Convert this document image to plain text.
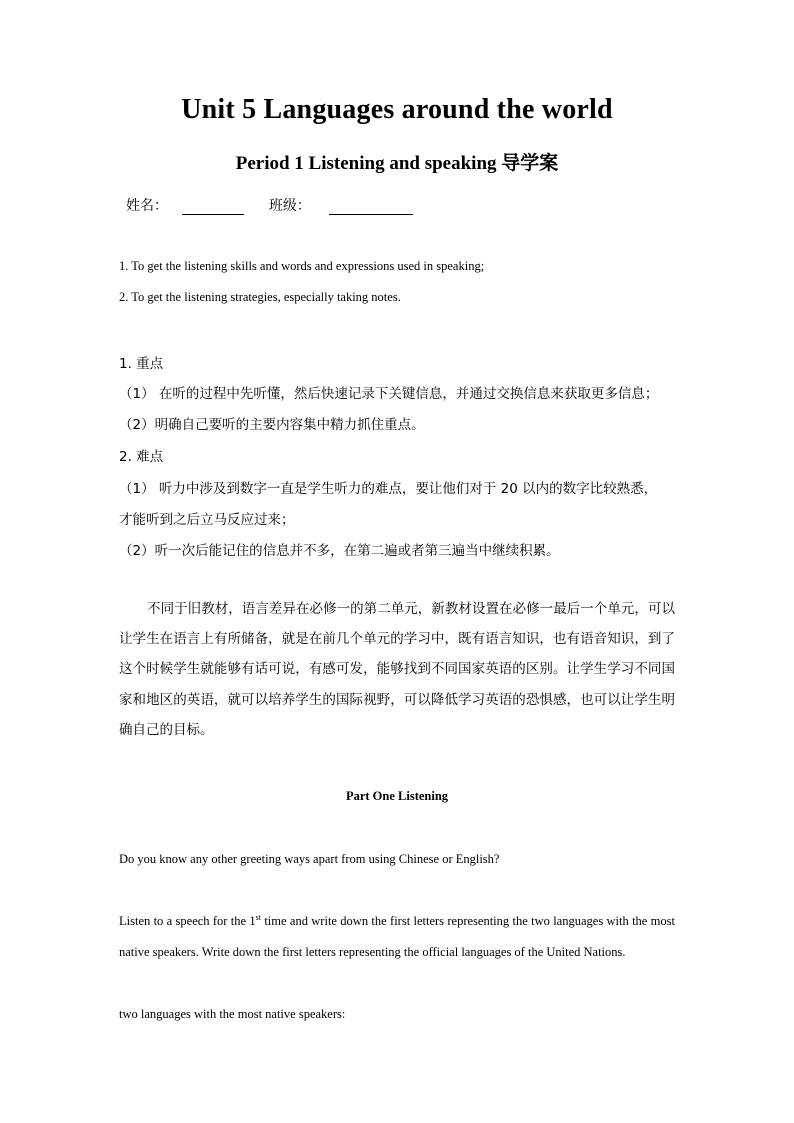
Unit 5 Languages around the world
Period 1 Listening and speaking 导学案
姓名：	班级：
1. To get the listening skills and words and expressions used in speaking;
2. To get the listening strategies, especially taking notes.
1. 重点
（1） 在听的过程中先听懂，然后快速记录下关键信息，并通过交换信息来获取更多信息；
（2）明确自己要听的主要内容集中精力抓住重点。
2. 难点
（1） 听力中涉及到数字一直是学生听力的难点，要让他们对于 20 以内的数字比较熟悉，
才能听到之后立马反应过来；
（2）听一次后能记住的信息并不多，在第二遍或者第三遍当中继续积累。

不同于旧教材，语言差异在必修一的第二单元，新教材设置在必修一最后一个单元，可以让学生在语言上有所储备，就是在前几个单元的学习中，既有语言知识，也有语音知识，到了这个时候学生就能够有话可说，有感可发，能够找到不同国家英语的区别。让学生学习不同国家和地区的英语，就可以培养学生的国际视野，可以降低学习英语的恐惧感，也可以让学生明确自己的目标。

Part One Listening
Do you know any other greeting ways apart from using Chinese or English?
Listen to a speech for the 1st time and write down the first letters representing the two languages with the most native speakers. Write down the first letters representing the official languages of the United Nations.
two languages with the most native speakers:
